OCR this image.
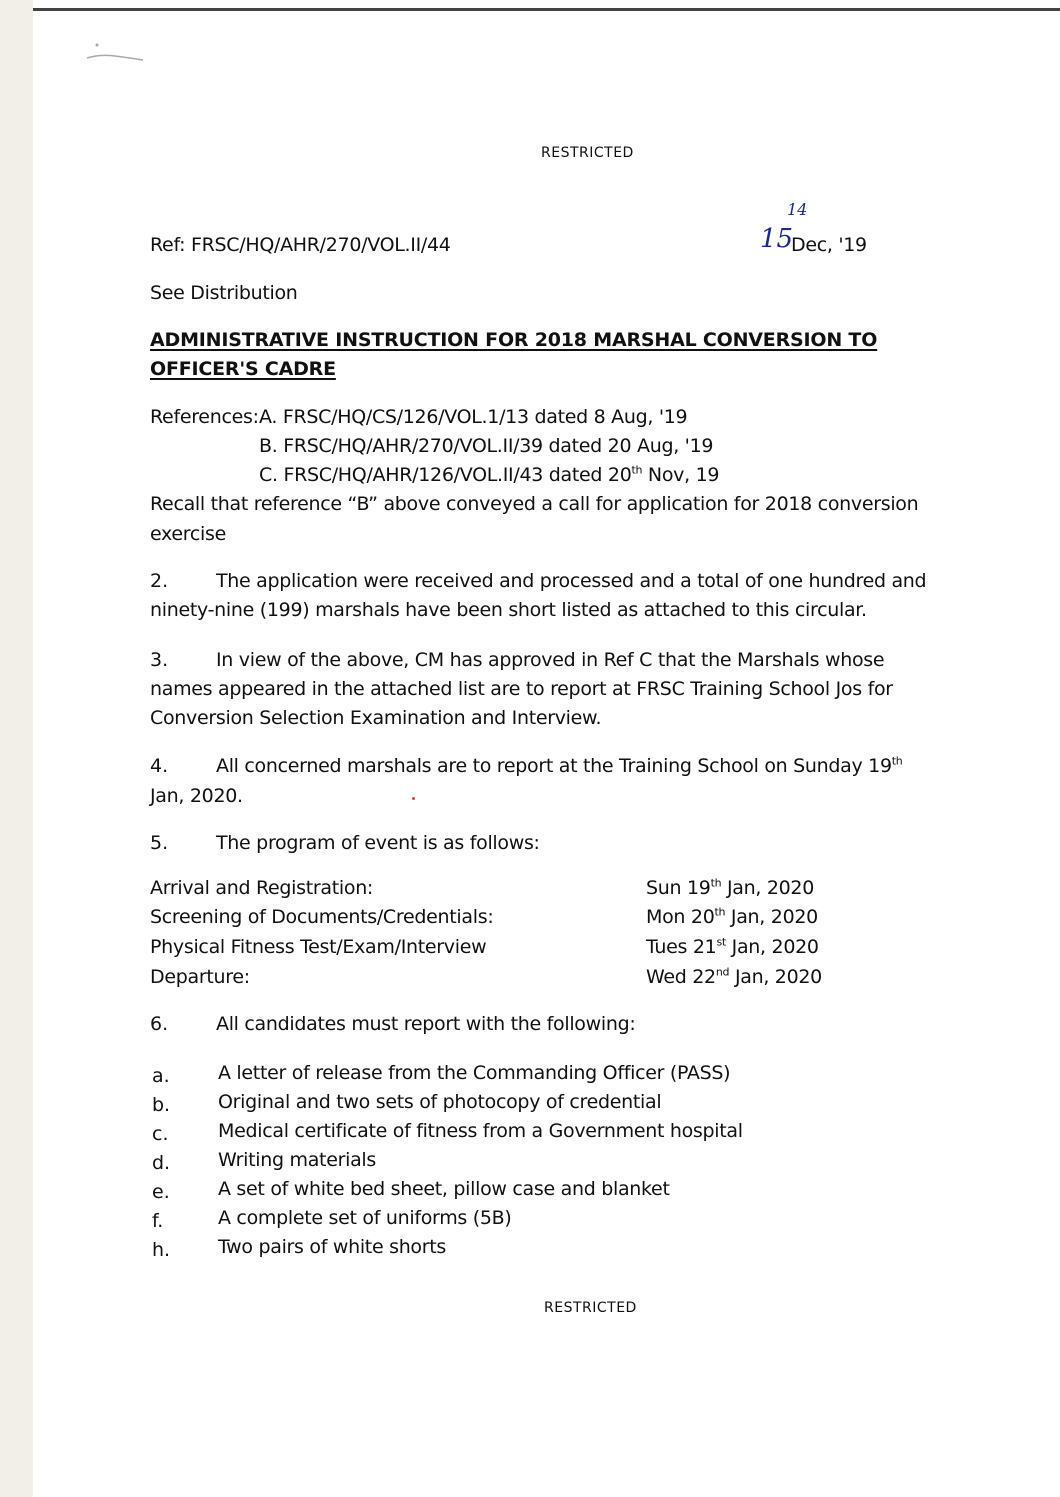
RESTRICTED
Ref: FRSC/HQ/AHR/270/VOL.II/44	15
14
Dec, '19
See Distribution
ADMINISTRATIVE INSTRUCTION FOR 2018 MARSHAL CONVERSION TO
OFFICER'S CADRE
References: A. FRSC/HQ/CS/126/VOL.1/13 dated 8 Aug, '19
B. FRSC/HQ/AHR/270/VOL.II/39 dated 20 Aug, '19
C. FRSC/HQ/AHR/126/VOL.II/43 dated 20th Nov, 19
Recall that reference “B” above conveyed a call for application for 2018 conversion
exercise
2.	The application were received and processed and a total of one hundred and
ninety-nine (199) marshals have been short listed as attached to this circular.
3.	In view of the above, CM has approved in Ref C that the Marshals whose
names appeared in the attached list are to report at FRSC Training School Jos for
Conversion Selection Examination and Interview.
4.	All concerned marshals are to report at the Training School on Sunday 19th
Jan, 2020.
5.	The program of event is as follows:
Arrival and Registration:	Sun 19th Jan, 2020
Screening of Documents/Credentials:	Mon 20th Jan, 2020
Physical Fitness Test/Exam/Interview	Tues 21st Jan, 2020
Departure:	Wed 22nd Jan, 2020
6.	All candidates must report with the following:
a.	A letter of release from the Commanding Officer (PASS)
b.	Original and two sets of photocopy of credential
c.	Medical certificate of fitness from a Government hospital
d.	Writing materials
e.	A set of white bed sheet, pillow case and blanket
f.	A complete set of uniforms (5B)
h.	Two pairs of white shorts
RESTRICTED
